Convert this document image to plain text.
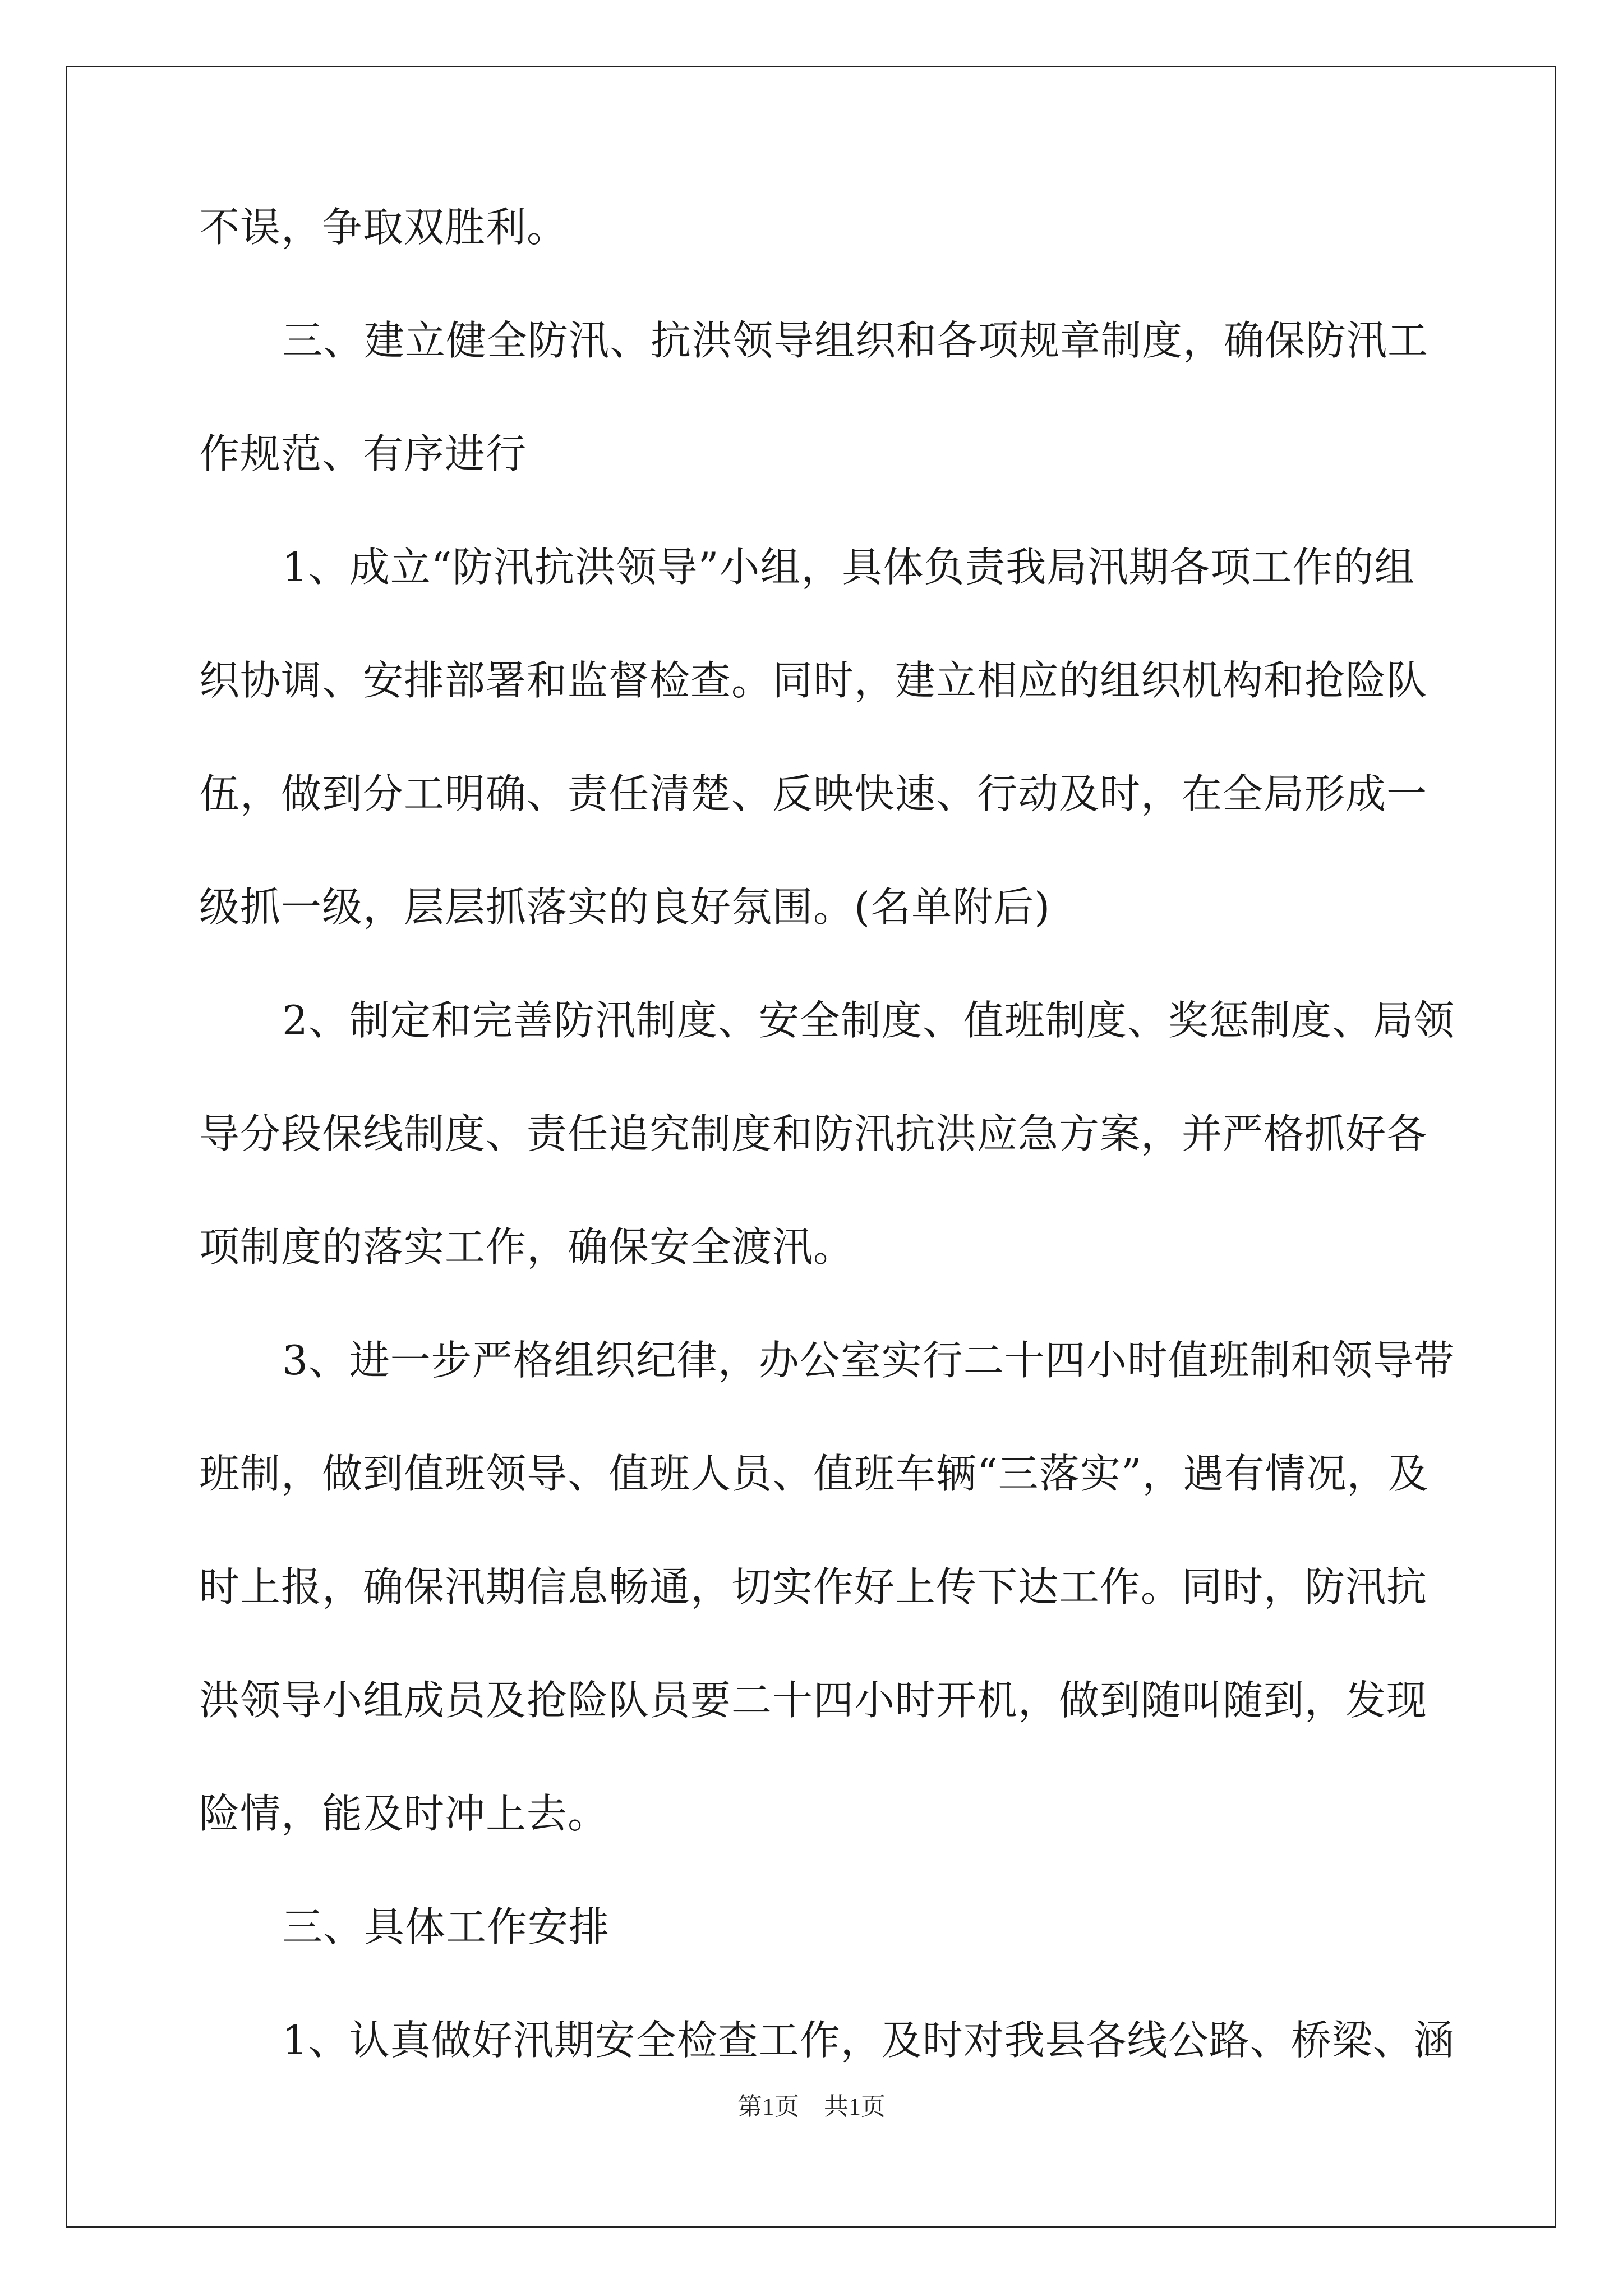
不误，争取双胜利。
三、建立健全防汛、抗洪领导组织和各项规章制度，确保防汛工
作规范、有序进行
1、成立“防汛抗洪领导”小组，具体负责我局汛期各项工作的组
织协调、安排部署和监督检查。同时，建立相应的组织机构和抢险队
伍，做到分工明确、责任清楚、反映快速、行动及时，在全局形成一
级抓一级，层层抓落实的良好氛围。(名单附后)
2、制定和完善防汛制度、安全制度、值班制度、奖惩制度、局领
导分段保线制度、责任追究制度和防汛抗洪应急方案，并严格抓好各
项制度的落实工作，确保安全渡汛。
3、进一步严格组织纪律，办公室实行二十四小时值班制和领导带
班制，做到值班领导、值班人员、值班车辆“三落实”，遇有情况，及
时上报，确保汛期信息畅通，切实作好上传下达工作。同时，防汛抗
洪领导小组成员及抢险队员要二十四小时开机，做到随叫随到，发现
险情，能及时冲上去。
三、具体工作安排
1、认真做好汛期安全检查工作，及时对我县各线公路、桥梁、涵
第1页　共1页
